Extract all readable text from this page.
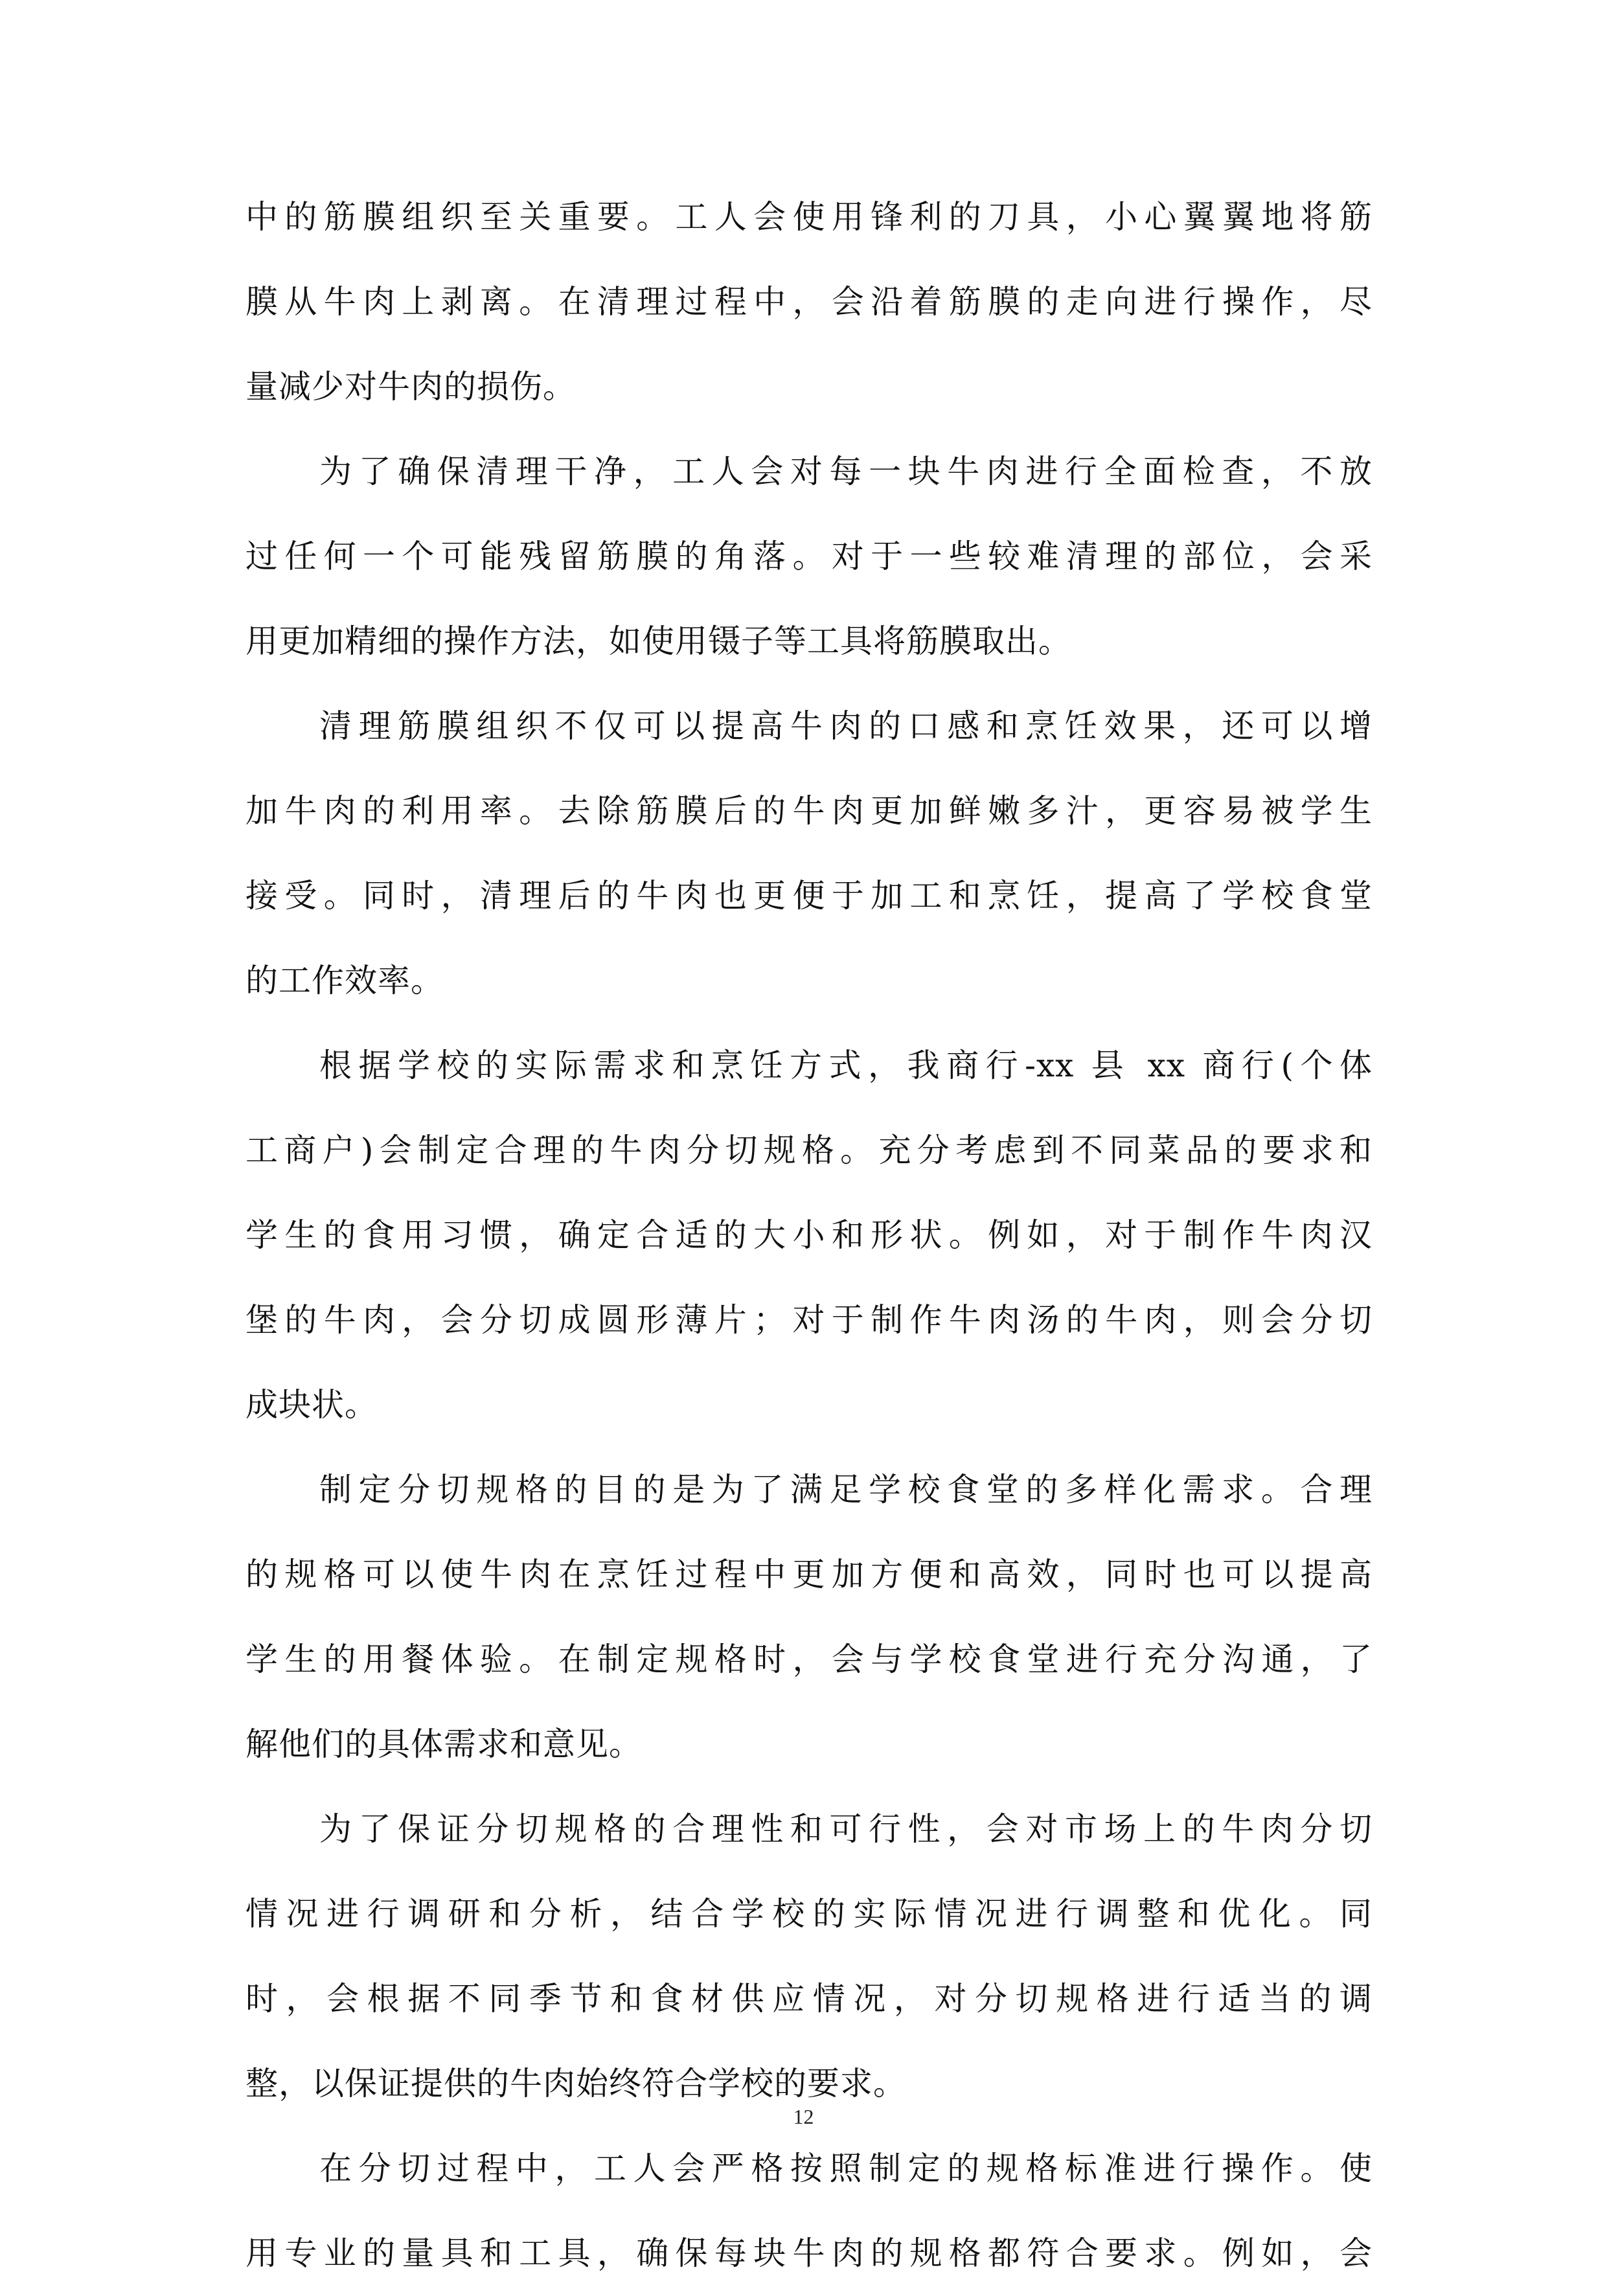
中的筋膜组织至关重要。工人会使用锋利的刀具，小心翼翼地将筋
膜从牛肉上剥离。在清理过程中，会沿着筋膜的走向进行操作，尽
量减少对牛肉的损伤。
为了确保清理干净，工人会对每一块牛肉进行全面检查，不放
过任何一个可能残留筋膜的角落。对于一些较难清理的部位，会采
用更加精细的操作方法，如使用镊子等工具将筋膜取出。
清理筋膜组织不仅可以提高牛肉的口感和烹饪效果，还可以增
加牛肉的利用率。去除筋膜后的牛肉更加鲜嫩多汁，更容易被学生
接受。同时，清理后的牛肉也更便于加工和烹饪，提高了学校食堂
的工作效率。
根据学校的实际需求和烹饪方式，我商行-xx 县 xx 商行(个体
工商户)会制定合理的牛肉分切规格。充分考虑到不同菜品的要求和
学生的食用习惯，确定合适的大小和形状。例如，对于制作牛肉汉
堡的牛肉，会分切成圆形薄片；对于制作牛肉汤的牛肉，则会分切
成块状。
制定分切规格的目的是为了满足学校食堂的多样化需求。合理
的规格可以使牛肉在烹饪过程中更加方便和高效，同时也可以提高
学生的用餐体验。在制定规格时，会与学校食堂进行充分沟通，了
解他们的具体需求和意见。
为了保证分切规格的合理性和可行性，会对市场上的牛肉分切
情况进行调研和分析，结合学校的实际情况进行调整和优化。同
时，会根据不同季节和食材供应情况，对分切规格进行适当的调
整，以保证提供的牛肉始终符合学校的要求。
在分切过程中，工人会严格按照制定的规格标准进行操作。使
用专业的量具和工具，确保每块牛肉的规格都符合要求。例如，会
12
